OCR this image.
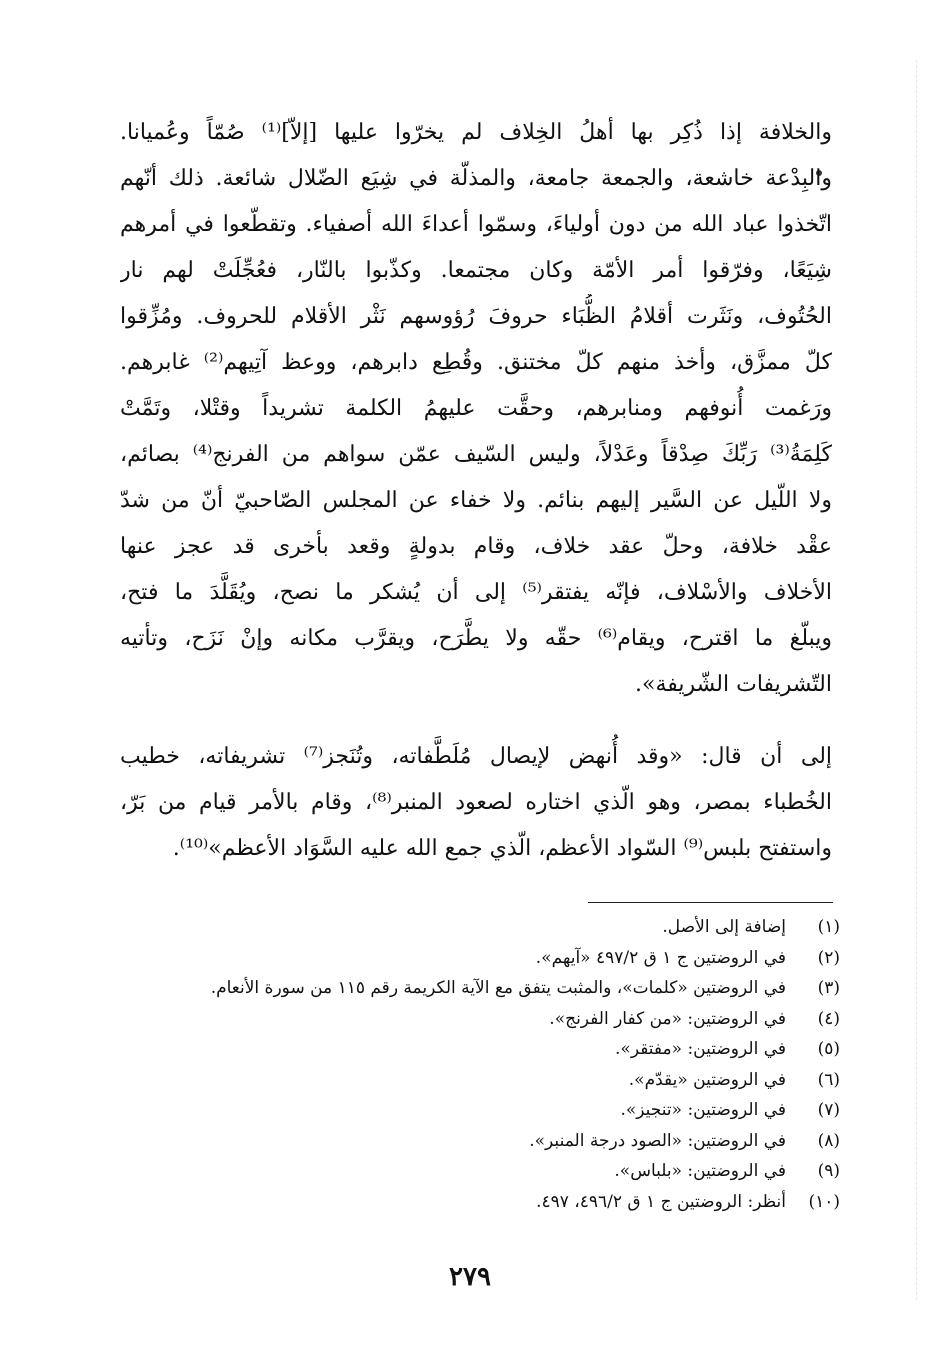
والخلافة إذا ذُكِر بها أهلُ الخِلاف لم يخرّوا عليها [إلاّ]⁽¹⁾ صُمّاً وعُميانا.
والبِدْعة خاشعة، والجمعة جامعة، والمذلّة في شِيَع الضّلال شائعة. ذلك أنّهم
اتّخذوا عباد الله من دون أولياءَ، وسمّوا أعداءَ الله أصفياء. وتقطّعوا في أمرهم
شِيَعًا، وفرّقوا أمر الأمّة وكان مجتمعا. وكذّبوا بالنّار، فعُجِّلَتْ لهم نار
الحُتُوف، ونَثَرت أقلامُ الظُّبَاء حروفَ رُؤوسهم نَثْر الأقلام للحروف. ومُزِّقوا
كلّ ممزَّق، وأخذ منهم كلّ مختنق. وقُطِع دابرهم، ووعظ آتِيهم⁽²⁾ غابرهم.
ورَغمت أُنوفهم ومنابرهم، وحقَّت عليهمُ الكلمة تشريداً وقتْلا، وتَمَّتْ
كَلِمَةُ⁽³⁾ رَبِّكَ صِدْقاً وعَدْلاً، وليس السّيف عمّن سواهم من الفرنج⁽⁴⁾ بصائم،
ولا اللّيل عن السَّير إليهم بنائم. ولا خفاء عن المجلس الصّاحبيّ أنّ من شدّ
عقْد خلافة، وحلّ عقد خلاف، وقام بدولةٍ وقعد بأخرى قد عجز عنها
الأخلاف والأسْلاف، فإنّه يفتقر⁽⁵⁾ إلى أن يُشكر ما نصح، ويُقَلَّدَ ما فتح،
ويبلّغ ما اقترح، ويقام⁽⁶⁾ حقّه ولا يطَّرَح، ويقرَّب مكانه وإنْ نَزَح، وتأتيه
التّشريفات الشّريفة».
إلى أن قال: «وقد أُنهض لإيصال مُلَطَّفاته، وتُنَجز⁽⁷⁾ تشريفاته، خطيب
الخُطباء بمصر، وهو الّذي اختاره لصعود المنبر⁽⁸⁾، وقام بالأمر قيام من بَرّ،
واستفتح بلبس⁽⁹⁾ السّواد الأعظم، الّذي جمع الله عليه السَّوَاد الأعظم»⁽¹⁰⁾.
(١)
إضافة إلى الأصل.
(٢)
في الروضتين ج ١ ق ٤٩٧/٢ «آيهم».
(٣)
في الروضتين «كلمات»، والمثبت يتفق مع الآية الكريمة رقم ١١٥ من سورة الأنعام.
(٤)
في الروضتين: «من كفار الفرنج».
(٥)
في الروضتين: «مفتقر».
(٦)
في الروضتين «يقدّم».
(٧)
في الروضتين: «تنجيز».
(٨)
في الروضتين: «الصود درجة المنبر».
(٩)
في الروضتين: «بلباس».
(١٠)
أنظر: الروضتين ج ١ ق ٤٩٦/٢، ٤٩٧.
٢٧٩
